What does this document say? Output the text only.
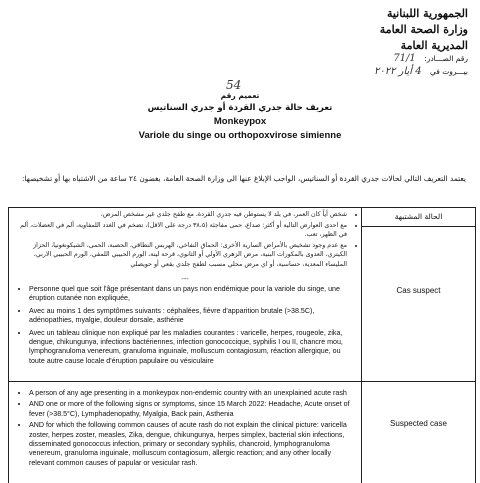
الجمهورية اللبنانية
وزارة الصحة العامة
المديرية العامة
رقم الصـــادر: 71/1
بيـــروت في 4 أيار ٢٠٢٢
54
تعميم رقم
تعريف حالة جدري القردة أو جدري السناتيس
Monkeypox
Variole du singe ou orthopoxvirose simienne
يعتمد التعريف التالي لحالات جدري القردة أو السناتيس، الواجب الإبلاغ عنها الى وزارة الصحة العامة، بغضون ٢٤ ساعة من الاشتباه بها أو تشخيصها:
الحالة المشتبهة
• شخص أياً كان العمر، في بلد لا يستوطن فيه جدري القردة، مع طفح جلدي غير مشخص المرض،
• مع احدى العوارض التالية أو أكثر: صداع، حمى مفاجئة (٣٨،٥ درجة على الاقل)، تضخم في الغدد اللمفاوية، ألم في العضلات، ألم في الظهر، تعب.
• مع عدم وجود تشخيص بالأمراض السارية الأخرى: الحماق النفاخي، الهربس النطاقي، الحصبة، الحمى، الشيكونغونيا، الحزاز الكيتري، العدوى بالمكورات البنية، مرض الزهري الأولي أو الثانوي، قرحة لينة، الورم الحبيبي اللمفي، الورم الحبيبي الاربي، المليساء المعدية، حساسية، أو اي مرض محلي مسبب لطفح جلدي بقعي أو حويصلي
---
• Personne quel que soit l'âge présentant dans un pays non endémique pour la variole du singe, une éruption cutanée non expliquée,
• Avec au moins 1 des symptômes suivants : céphalées, fièvre d'apparition brutale (>38.5C), adénopathies, myalgie, douleur dorsale, asthénie
• Avec un tableau clinique non expliqué par les maladies courantes : varicelle, herpes, rougeole, zika, dengue, chikungunya, infections bactériennes, infection gonococcique, syphilis I ou II, chancre mou, lymphogranuloma venereum, granuloma inguinale, molluscum contagiosum, réaction allergique, ou toute autre cause locale d'éruption papulaire ou vésiculaire
Cas suspect
• A person of any age presenting in a monkeypox non-endemic country with an unexplained acute rash
• AND one or more of the following signs or symptoms, since 15 March 2022: Headache, Acute onset of fever (>38.5°C), Lymphadenopathy, Myalgia, Back pain, Asthenia
• AND for which the following common causes of acute rash do not explain the clinical picture: varicella zoster, herpes zoster, measles, Zika, dengue, chikungunya, herpes simplex, bacterial skin infections, disseminated gonococcus infection, primary or secondary syphilis, chancroid, lymphogranuloma venereum, granuloma inguinale, molluscum contagiosum, allergic reaction; and any other locally relevant common causes of papular or vesicular rash.
Suspected case
